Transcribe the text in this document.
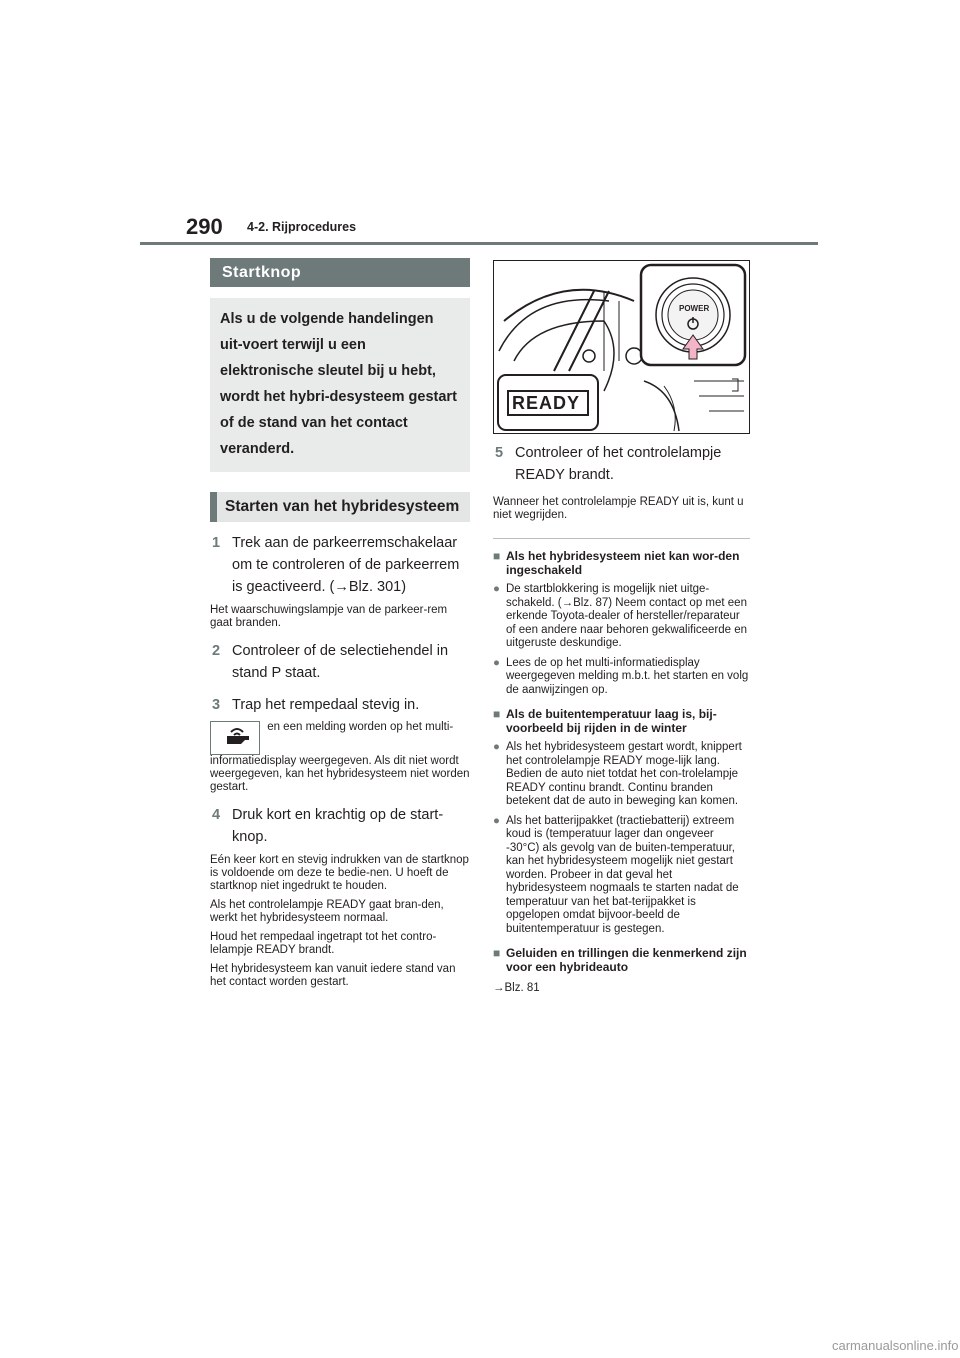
290 4-2. Rijprocedures
Startknop
Als u de volgende handelingen uit-voert terwijl u een elektronische sleutel bij u hebt, wordt het hybri-desysteem gestart of de stand van het contact veranderd.
Starten van het hybridesysteem
1 Trek aan de parkeerremschakelaar om te controleren of de parkeerrem is geactiveerd. (→Blz. 301)
Het waarschuwingslampje van de parkeer-rem gaat branden.
2 Controleer of de selectiehendel in stand P staat.
3 Trap het rempedaal stevig in.
en een melding worden op het multi-informatiedisplay weergegeven. Als dit niet wordt weergegeven, kan het hybridesysteem niet worden gestart.
4 Druk kort en krachtig op de start-knop.
Eén keer kort en stevig indrukken van de startknop is voldoende om deze te bedie-nen. U hoeft de startknop niet ingedrukt te houden.
Als het controlelampje READY gaat bran-den, werkt het hybridesysteem normaal.
Houd het rempedaal ingetrapt tot het contro-lelampje READY brandt.
Het hybridesysteem kan vanuit iedere stand van het contact worden gestart.
POWER
READY
5 Controleer of het controlelampje READY brandt.
Wanneer het controlelampje READY uit is, kunt u niet wegrijden.
■ Als het hybridesysteem niet kan wor-den ingeschakeld
● De startblokkering is mogelijk niet uitge-schakeld. (→Blz. 87) Neem contact op met een erkende Toyota-dealer of hersteller/reparateur of een andere naar behoren gekwalificeerde en uitgeruste deskundige.
● Lees de op het multi-informatiedisplay weergegeven melding m.b.t. het starten en volg de aanwijzingen op.
■ Als de buitentemperatuur laag is, bij-voorbeeld bij rijden in de winter
● Als het hybridesysteem gestart wordt, knippert het controlelampje READY moge-lijk lang. Bedien de auto niet totdat het con-trolelampje READY continu brandt. Continu branden betekent dat de auto in beweging kan komen.
● Als het batterijpakket (tractiebatterij) extreem koud is (temperatuur lager dan ongeveer -30°C) als gevolg van de buiten-temperatuur, kan het hybridesysteem mogelijk niet gestart worden. Probeer in dat geval het hybridesysteem nogmaals te starten nadat de temperatuur van het bat-terijpakket is opgelopen omdat bijvoor-beeld de buitentemperatuur is gestegen.
■ Geluiden en trillingen die kenmerkend zijn voor een hybrideauto
→Blz. 81
carmanualsonline.info
